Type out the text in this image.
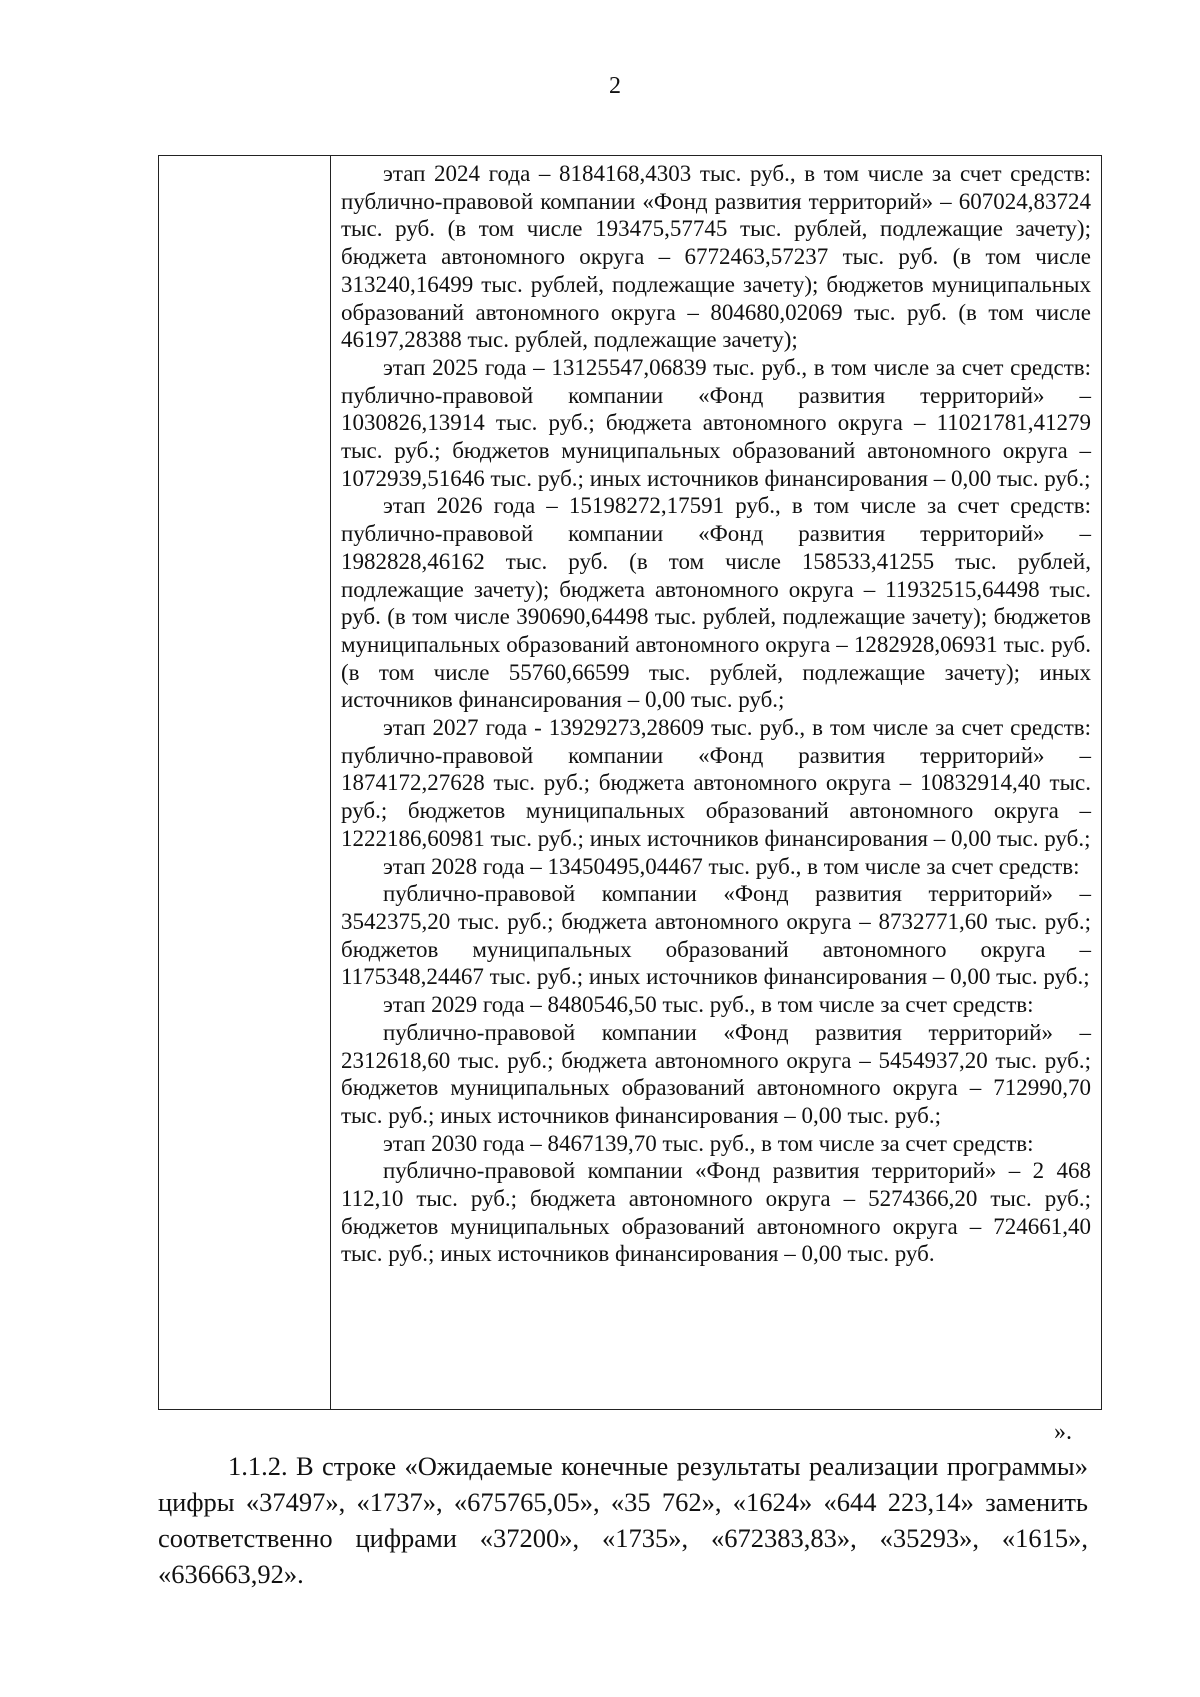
2

этап 2024 года – 8184168,4303 тыс. руб., в том числе за счет средств: публично-правовой компании «Фонд развития территорий» – 607024,83724 тыс. руб. (в том числе 193475,57745 тыс. рублей, подлежащие зачету); бюджета автономного округа – 6772463,57237 тыс. руб. (в том числе 313240,16499 тыс. рублей, подлежащие зачету); бюджетов муниципальных образований автономного округа – 804680,02069 тыс. руб. (в том числе 46197,28388 тыс. рублей, подлежащие зачету);

этап 2025 года – 13125547,06839 тыс. руб., в том числе за счет средств: публично-правовой компании «Фонд развития территорий» – 1030826,13914 тыс. руб.; бюджета автономного округа – 11021781,41279 тыс. руб.; бюджетов муниципальных образований автономного округа – 1072939,51646 тыс. руб.; иных источников финансирования – 0,00 тыс. руб.;

этап 2026 года – 15198272,17591 руб., в том числе за счет средств: публично-правовой компании «Фонд развития территорий» – 1982828,46162 тыс. руб. (в том числе 158533,41255 тыс. рублей, подлежащие зачету); бюджета автономного округа – 11932515,64498 тыс. руб. (в том числе 390690,64498 тыс. рублей, подлежащие зачету); бюджетов муниципальных образований автономного округа – 1282928,06931 тыс. руб. (в том числе 55760,66599 тыс. рублей, подлежащие зачету); иных источников финансирования – 0,00 тыс. руб.;

этап 2027 года - 13929273,28609 тыс. руб., в том числе за счет средств: публично-правовой компании «Фонд развития территорий» – 1874172,27628 тыс. руб.; бюджета автономного округа – 10832914,40 тыс. руб.; бюджетов муниципальных образований автономного округа – 1222186,60981 тыс. руб.; иных источников финансирования – 0,00 тыс. руб.;

этап 2028 года – 13450495,04467 тыс. руб., в том числе за счет средств:

публично-правовой компании «Фонд развития территорий» – 3542375,20 тыс. руб.; бюджета автономного округа – 8732771,60 тыс. руб.; бюджетов муниципальных образований автономного округа – 1175348,24467 тыс. руб.; иных источников финансирования – 0,00 тыс. руб.;

этап 2029 года – 8480546,50 тыс. руб., в том числе за счет средств:

публично-правовой компании «Фонд развития территорий» – 2312618,60 тыс. руб.; бюджета автономного округа – 5454937,20 тыс. руб.; бюджетов муниципальных образований автономного округа – 712990,70 тыс. руб.; иных источников финансирования – 0,00 тыс. руб.;

этап 2030 года – 8467139,70 тыс. руб., в том числе за счет средств:

публично-правовой компании «Фонд развития территорий» – 2 468 112,10 тыс. руб.; бюджета автономного округа – 5274366,20 тыс. руб.; бюджетов муниципальных образований автономного округа – 724661,40 тыс. руб.; иных источников финансирования – 0,00 тыс. руб.

».

1.1.2. В строке «Ожидаемые конечные результаты реализации программы» цифры «37497», «1737», «675765,05», «35 762», «1624» «644 223,14» заменить соответственно цифрами «37200», «1735», «672383,83», «35293», «1615», «636663,92».
